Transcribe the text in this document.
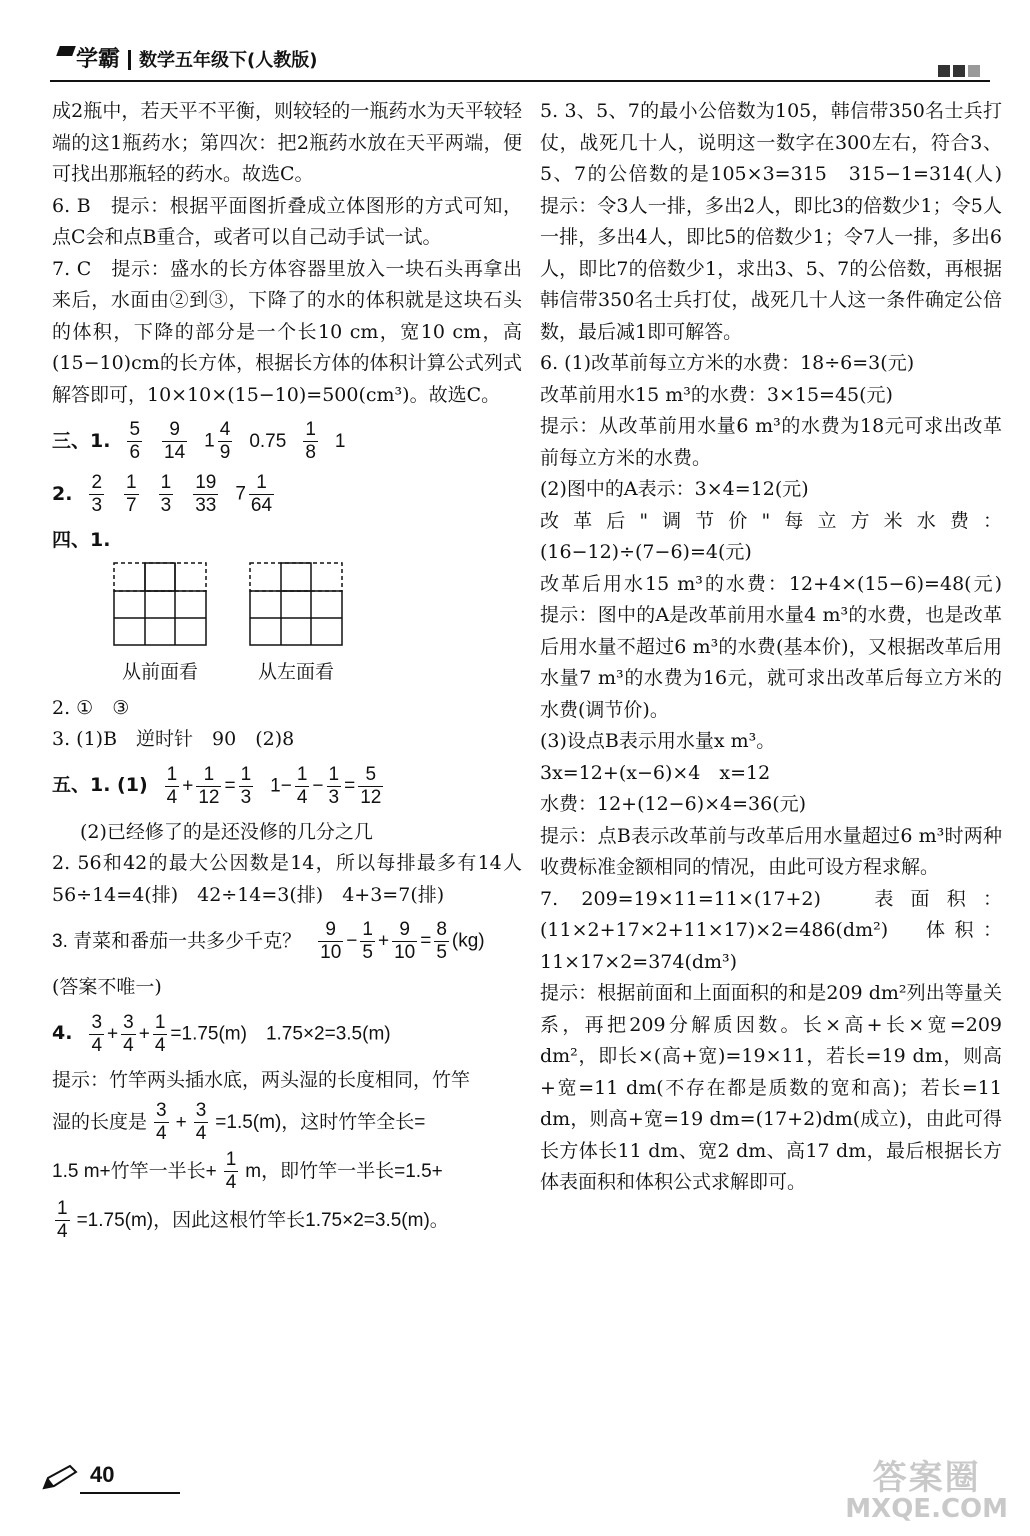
学霸 数学五年级下(人教版)

成2瓶中，若天平不平衡，则较轻的一瓶药水为天平较轻端的这1瓶药水；第四次：把2瓶药水放在天平两端，便可找出那瓶轻的药水。故选C。

6. B　提示：根据平面图折叠成立体图形的方式可知，点C会和点B重合，或者可以自己动手试一试。

7. C　提示：盛水的长方体容器里放入一块石头再拿出来后，水面由②到③，下降了的水的体积就是这块石头的体积，下降的部分是一个长10 cm，宽10 cm，高(15−10)cm的长方体，根据长方体的体积计算公式列式解答即可，10×10×(15−10)=500(cm³)。故选C。

三、1. $\frac{5}{6} \frac{9}{14} 1 \frac{4}{9} 0.75 \frac{1}{8} 1$
2. $\frac{2}{3} \frac{1}{7} \frac{1}{3} \frac{19}{33} 7 \frac{1}{64}$

四、1.

从前面看	从左面看

2. ①　③

3. (1)B　逆时针　90　(2)8

五、1. $(1) \frac{1}{4} + \frac{1}{12} = \frac{1}{3} 1- \frac{1}{4} - \frac{1}{3} = \frac{5}{12}$

(2)已经修了的是还没修的几分之几

2. 56和42的最大公因数是14，所以每排最多有14人　56÷14=4(排)　42÷14=3(排)　4+3=7(排)

3. 青菜和番茄一共多少千克？ $\frac{9}{10} - \frac{1}{5} + \frac{9}{10} = \frac{8}{5} (kg)$

(答案不唯一)

4. $\frac{3}{4} + \frac{3}{4} + \frac{1}{4} =1.75(m)$　1.75×2=3.5(m)

提示：竹竿两头插水底，两头湿的长度相同，竹竿

湿的长度是 $\frac{3}{4} + \frac{3}{4} =1.5(m)$，这时竹竿全长=
1.5 m+竹竿一半长+ $\frac{1}{4}$ m，即竹竿一半长=1.5+
$\frac{1}{4} =1.75(m)$，因此这根竹竿长1.75×2=3.5(m)。

5. 3、5、7的最小公倍数为105，韩信带350名士兵打仗，战死几十人，说明这一数字在300左右，符合3、5、7的公倍数的是105×3=315　315−1=314(人)　提示：令3人一排，多出2人，即比3的倍数少1；令5人一排，多出4人，即比5的倍数少1；令7人一排，多出6人，即比7的倍数少1，求出3、5、7的公倍数，再根据韩信带350名士兵打仗，战死几十人这一条件确定公倍数，最后减1即可解答。

6. (1)改革前每立方米的水费：18÷6=3(元)

改革前用水15 m³的水费：3×15=45(元)

提示：从改革前用水量6 m³的水费为18元可求出改革前每立方米的水费。

(2)图中的A表示：3×4=12(元)

改革后"调节价"每立方米水费：(16−12)÷(7−6)=4(元)

改革后用水15 m³的水费：12+4×(15−6)=48(元)　提示：图中的A是改革前用水量4 m³的水费，也是改革后用水量不超过6 m³的水费(基本价)，又根据改革后用水量7 m³的水费为16元，就可求出改革后每立方米的水费(调节价)。

(3)设点B表示用水量x m³。

3x=12+(x−6)×4　x=12

水费：12+(12−6)×4=36(元)

提示：点B表示改革前与改革后用水量超过6 m³时两种收费标准金额相同的情况，由此可设方程求解。

7. 209=19×11=11×(17+2)　表面积：(11×2+17×2+11×17)×2=486(dm²)　体积：11×17×2=374(dm³)

提示：根据前面和上面面积的和是209 dm²列出等量关系，再把209分解质因数。长×高+长×宽=209 dm²，即长×(高+宽)=19×11，若长=19 dm，则高+宽=11 dm(不存在都是质数的宽和高)；若长=11 dm，则高+宽=19 dm=(17+2)dm(成立)，由此可得长方体长11 dm、宽2 dm、高17 dm，最后根据长方体表面积和体积公式求解即可。

40	答案圈
MXQE.COM
